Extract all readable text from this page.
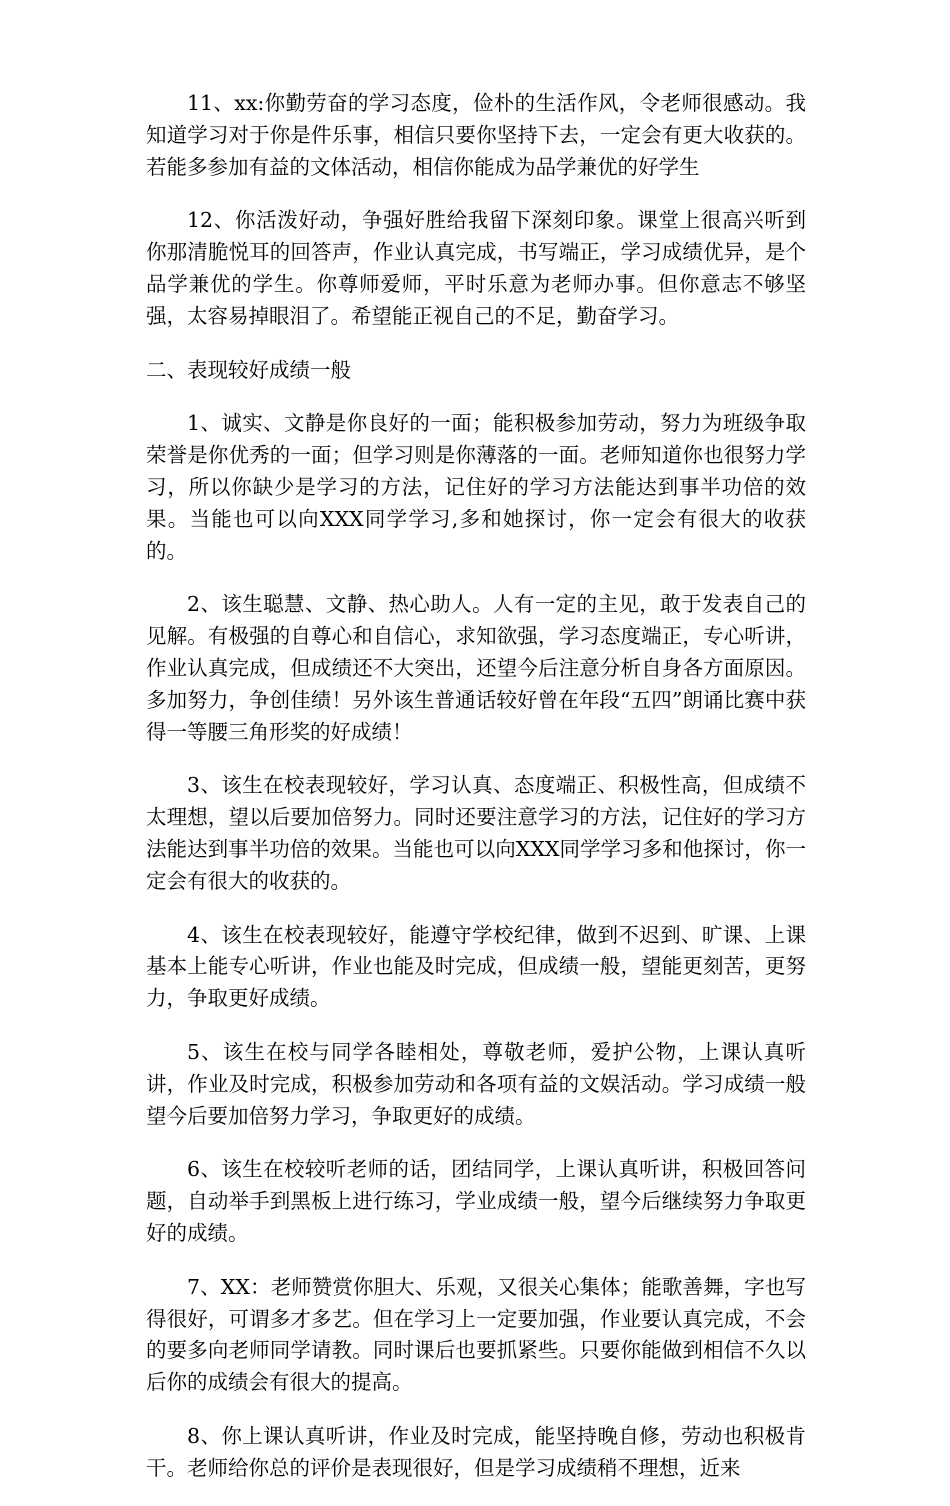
11、xx:你勤劳奋的学习态度，俭朴的生活作风，令老师很感动。我知道学习对于你是件乐事，相信只要你坚持下去，一定会有更大收获的。若能多参加有益的文体活动，相信你能成为品学兼优的好学生

12、你活泼好动，争强好胜给我留下深刻印象。课堂上很高兴听到你那清脆悦耳的回答声，作业认真完成，书写端正，学习成绩优异，是个品学兼优的学生。你尊师爱师，平时乐意为老师办事。但你意志不够坚强，太容易掉眼泪了。希望能正视自己的不足，勤奋学习。

二、表现较好成绩一般

1、诚实、文静是你良好的一面；能积极参加劳动，努力为班级争取荣誉是你优秀的一面；但学习则是你薄落的一面。老师知道你也很努力学习，所以你缺少是学习的方法，记住好的学习方法能达到事半功倍的效果。当能也可以向XXX同学学习,多和她探讨，你一定会有很大的收获的。

2、该生聪慧、文静、热心助人。人有一定的主见，敢于发表自己的见解。有极强的自尊心和自信心，求知欲强，学习态度端正，专心听讲，作业认真完成，但成绩还不大突出，还望今后注意分析自身各方面原因。多加努力，争创佳绩！另外该生普通话较好曾在年段“五四”朗诵比赛中获得一等腰三角形奖的好成绩！

3、该生在校表现较好，学习认真、态度端正、积极性高，但成绩不太理想，望以后要加倍努力。同时还要注意学习的方法，记住好的学习方法能达到事半功倍的效果。当能也可以向XXX同学学习多和他探讨，你一定会有很大的收获的。

4、该生在校表现较好，能遵守学校纪律，做到不迟到、旷课、上课基本上能专心听讲，作业也能及时完成，但成绩一般，望能更刻苦，更努力，争取更好成绩。

5、该生在校与同学各睦相处，尊敬老师，爱护公物，上课认真听讲，作业及时完成，积极参加劳动和各项有益的文娱活动。学习成绩一般望今后要加倍努力学习，争取更好的成绩。

6、该生在校较听老师的话，团结同学，上课认真听讲，积极回答问题，自动举手到黑板上进行练习，学业成绩一般，望今后继续努力争取更好的成绩。

7、XX：老师赞赏你胆大、乐观，又很关心集体；能歌善舞，字也写得很好，可谓多才多艺。但在学习上一定要加强，作业要认真完成，不会的要多向老师同学请教。同时课后也要抓紧些。只要你能做到相信不久以后你的成绩会有很大的提高。

8、你上课认真听讲，作业及时完成，能坚持晚自修，劳动也积极肯干。老师给你总的评价是表现很好，但是学习成绩稍不理想，近来
